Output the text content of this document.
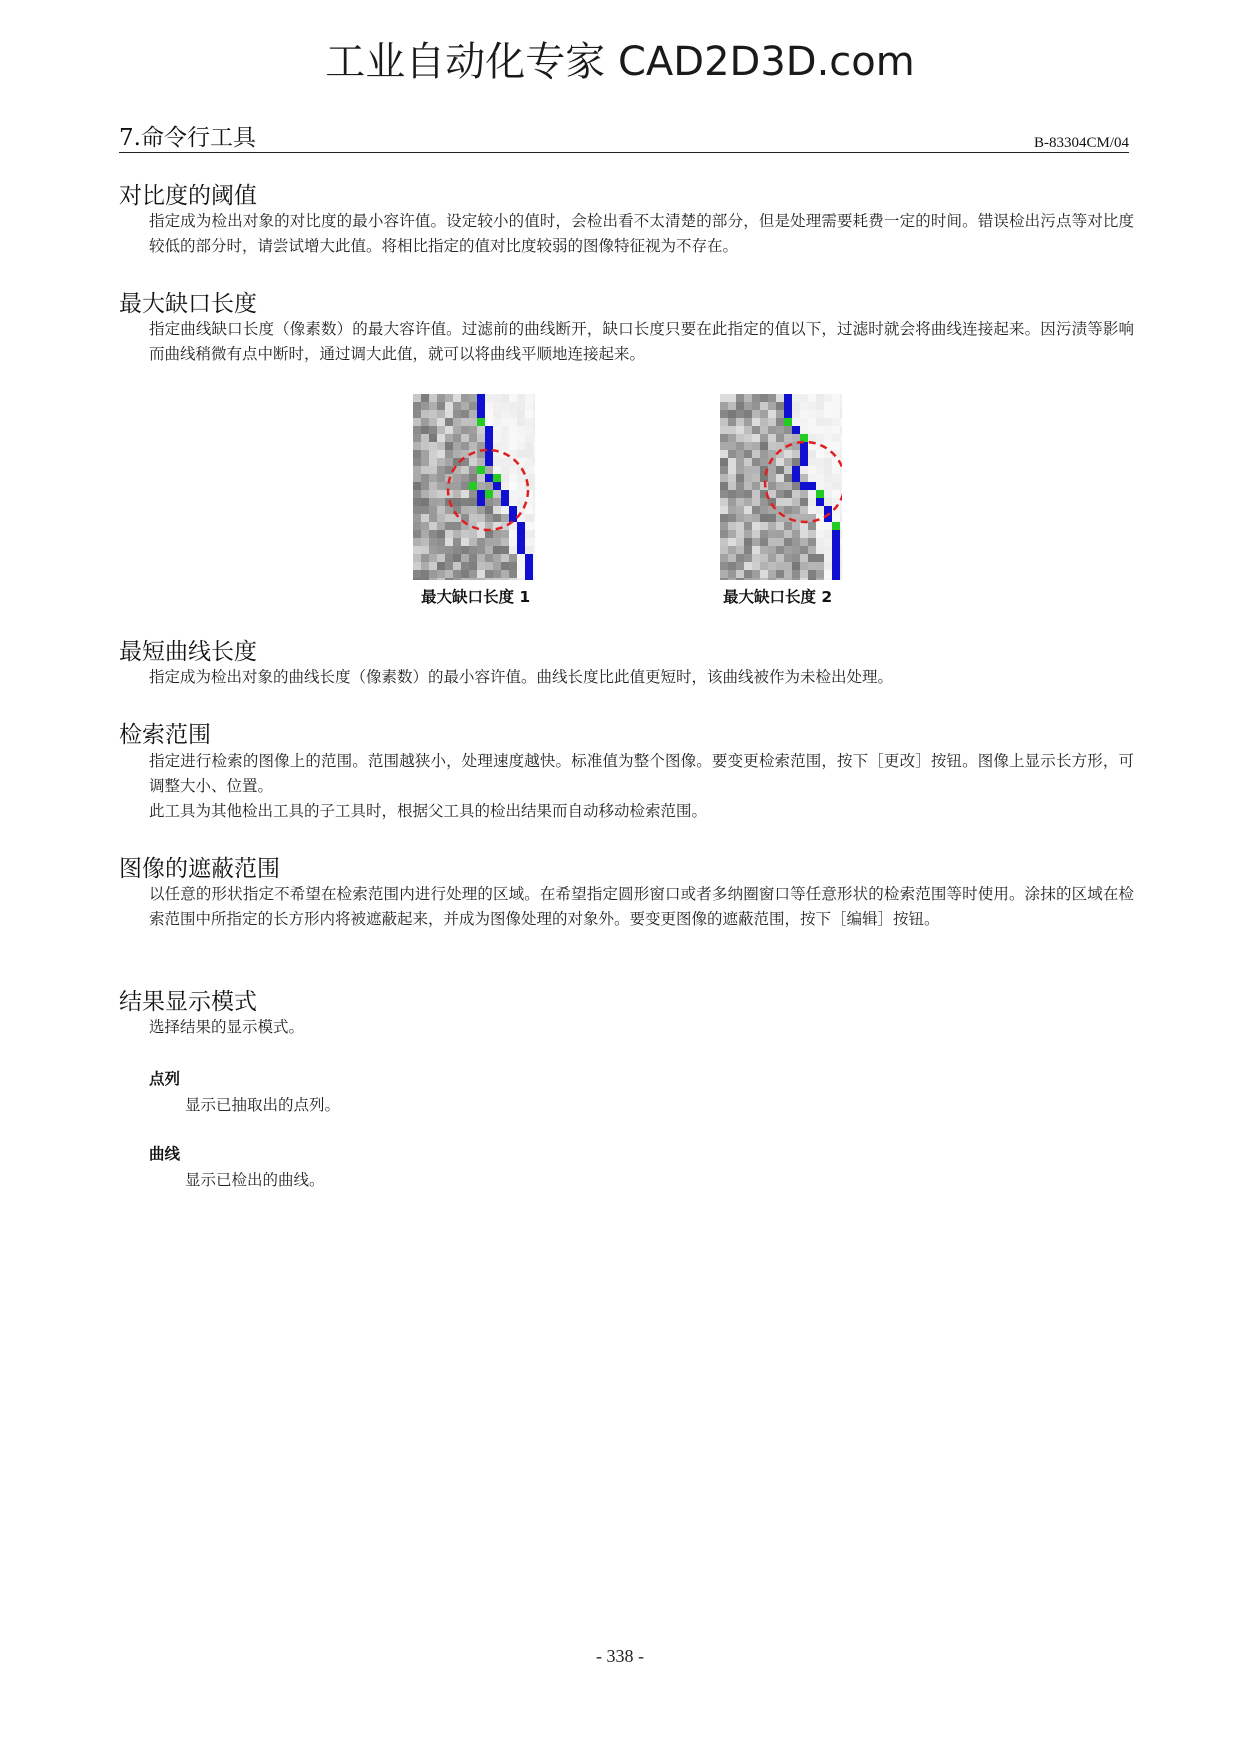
工业自动化专家 CAD2D3D.com
7.命令行工具	B-83304CM/04
对比度的阈值

指定成为检出对象的对比度的最小容许值。设定较小的值时，会检出看不太清楚的部分，但是处理需要耗费一定的时间。错误检出污点等对比度较低的部分时，请尝试增大此值。将相比指定的值对比度较弱的图像特征视为不存在。

最大缺口长度

指定曲线缺口长度（像素数）的最大容许值。过滤前的曲线断开，缺口长度只要在此指定的值以下，过滤时就会将曲线连接起来。因污渍等影响而曲线稍微有点中断时，通过调大此值，就可以将曲线平顺地连接起来。

最大缺口长度 1	最大缺口长度 2
最短曲线长度

指定成为检出对象的曲线长度（像素数）的最小容许值。曲线长度比此值更短时，该曲线被作为未检出处理。

检索范围

指定进行检索的图像上的范围。范围越狭小，处理速度越快。标准值为整个图像。要变更检索范围，按下［更改］按钮。图像上显示长方形，可调整大小、位置。

此工具为其他检出工具的子工具时，根据父工具的检出结果而自动移动检索范围。

图像的遮蔽范围

以任意的形状指定不希望在检索范围内进行处理的区域。在希望指定圆形窗口或者多纳圈窗口等任意形状的检索范围等时使用。涂抹的区域在检索范围中所指定的长方形内将被遮蔽起来，并成为图像处理的对象外。要变更图像的遮蔽范围，按下［编辑］按钮。

结果显示模式

选择结果的显示模式。

点列
显示已抽取出的点列。
曲线
显示已检出的曲线。
- 338 -
